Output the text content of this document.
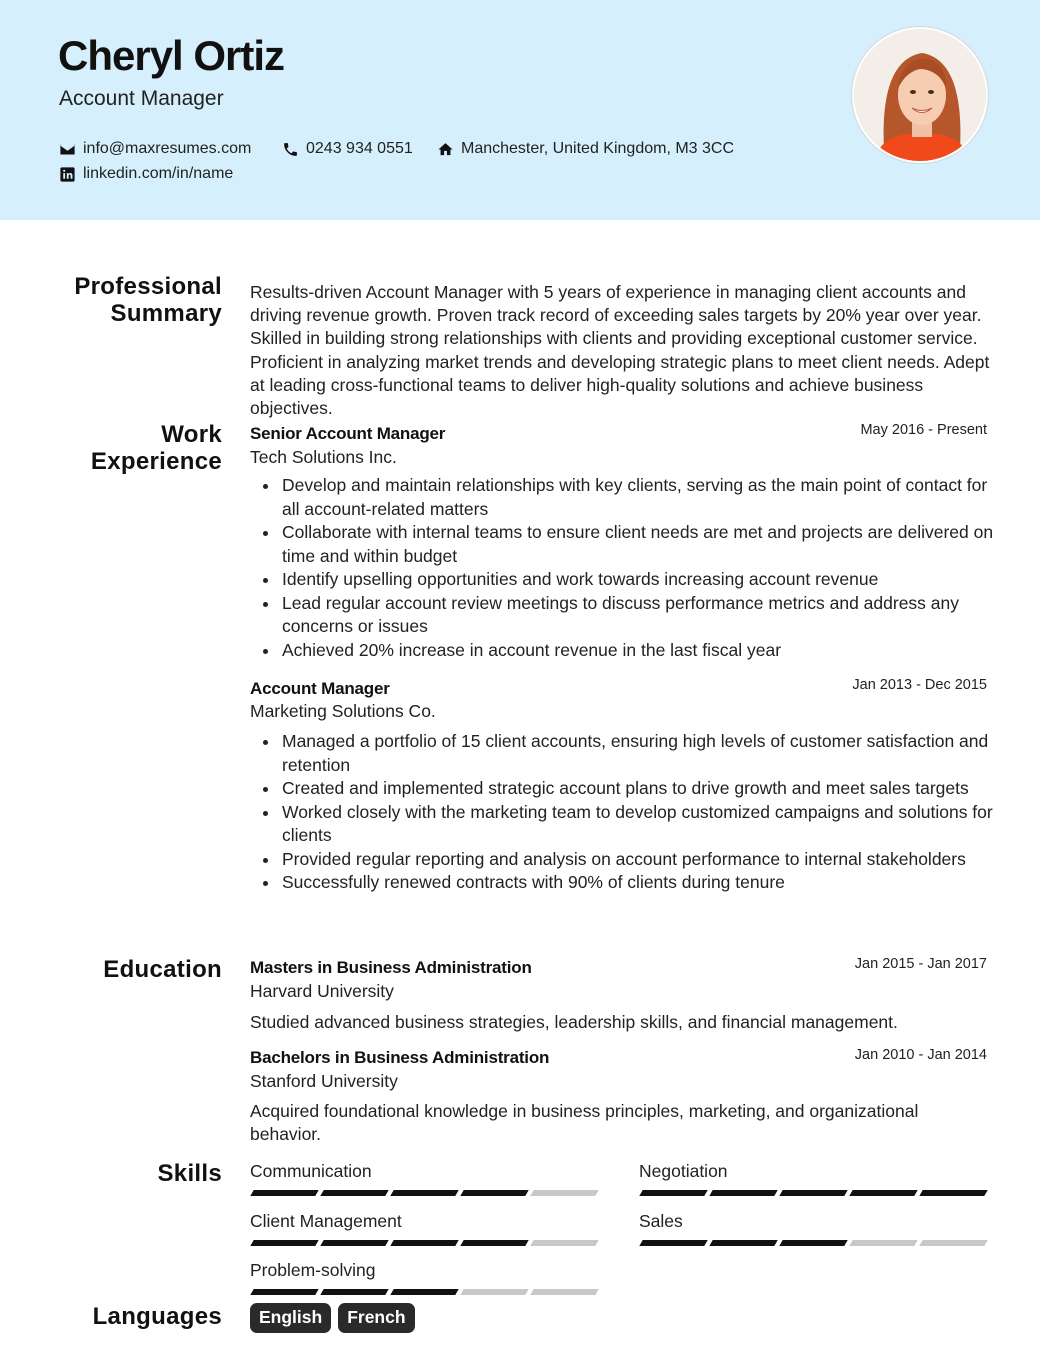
Cheryl Ortiz
Account Manager
info@maxresumes.com	0243 934 0551	Manchester, United Kingdom, M3 3CC
linkedin.com/in/name
Professional
Summary
Results-driven Account Manager with 5 years of experience in managing client accounts and driving revenue growth. Proven track record of exceeding sales targets by 20% year over year. Skilled in building strong relationships with clients and providing exceptional customer service. Proficient in analyzing market trends and developing strategic plans to meet client needs. Adept at leading cross-functional teams to deliver high-quality solutions and achieve business objectives.
Work
Experience
Senior Account Manager	May 2016 - Present
Tech Solutions Inc.
Develop and maintain relationships with key clients, serving as the main point of contact for all account-related matters
Collaborate with internal teams to ensure client needs are met and projects are delivered on time and within budget
Identify upselling opportunities and work towards increasing account revenue
Lead regular account review meetings to discuss performance metrics and address any concerns or issues
Achieved 20% increase in account revenue in the last fiscal year
Account Manager	Jan 2013 - Dec 2015
Marketing Solutions Co.
Managed a portfolio of 15 client accounts, ensuring high levels of customer satisfaction and retention
Created and implemented strategic account plans to drive growth and meet sales targets
Worked closely with the marketing team to develop customized campaigns and solutions for clients
Provided regular reporting and analysis on account performance to internal stakeholders
Successfully renewed contracts with 90% of clients during tenure
Education Masters in Business Administration	Jan 2015 - Jan 2017
Harvard University
Studied advanced business strategies, leadership skills, and financial management.
Bachelors in Business Administration	Jan 2010 - Jan 2014
Stanford University
Acquired foundational knowledge in business principles, marketing, and organizational behavior.
Skills Communication	Negotiation
Client Management	Sales
Problem-solving
Languages	English	French
